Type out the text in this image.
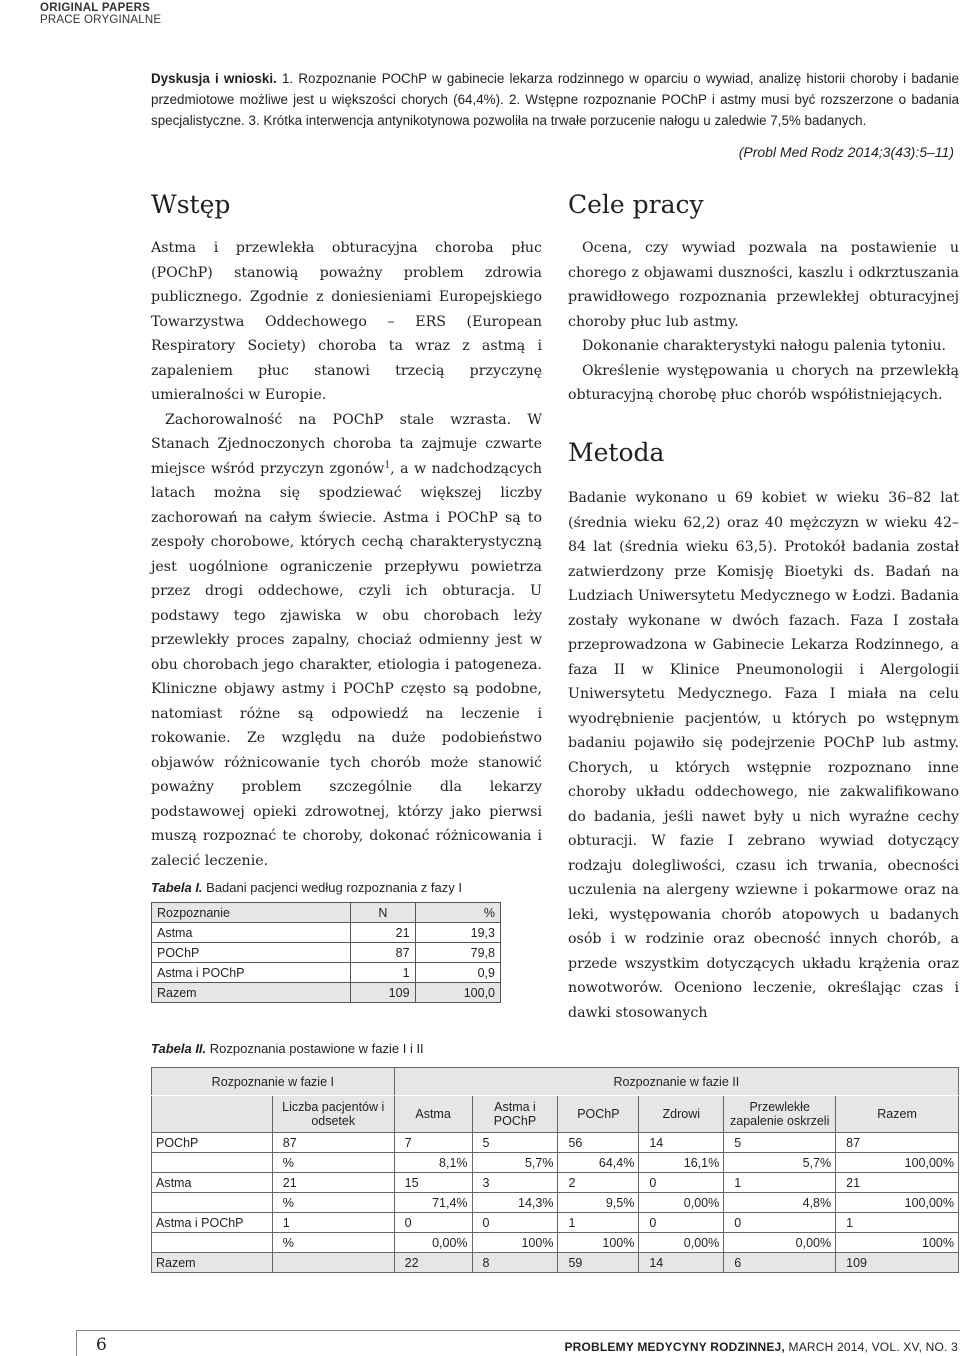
ORIGINAL PAPERS
PRACE ORYGINALNE
Dyskusja i wnioski. 1. Rozpoznanie POChP w gabinecie lekarza rodzinnego w oparciu o wywiad, analizę historii choroby i badanie przedmiotowe możliwe jest u większości chorych (64,4%). 2. Wstępne rozpoznanie POChP i astmy musi być rozszerzone o badania specjalistyczne. 3. Krótka interwencja antynikotynowa pozwoliła na trwałe porzucenie nałogu u zaledwie 7,5% badanych.
(Probl Med Rodz 2014;3(43):5–11)
Wstęp

Astma i przewlekła obturacyjna choroba płuc (POChP) stanowią poważny problem zdrowia publicznego. Zgodnie z doniesieniami Europejskiego Towarzystwa Oddechowego – ERS (European Respiratory Society) choroba ta wraz z astmą i zapaleniem płuc stanowi trzecią przyczynę umieralności w Europie.

Zachorowalność na POChP stale wzrasta. W Stanach Zjednoczonych choroba ta zajmuje czwarte miejsce wśród przyczyn zgonów$^1$, a w nadchodzących latach można się spodziewać większej liczby zachorowań na całym świecie. Astma i POChP są to zespoły chorobowe, których cechą charakterystyczną jest uogólnione ograniczenie przepływu powietrza przez drogi oddechowe, czyli ich obturacja. U podstawy tego zjawiska w obu chorobach leży przewlekły proces zapalny, chociaż odmienny jest w obu chorobach jego charakter, etiologia i patogeneza. Kliniczne objawy astmy i POChP często są podobne, natomiast różne są odpowiedź na leczenie i rokowanie. Ze względu na duże podobieństwo objawów różnicowanie tych chorób może stanowić poważny problem szczególnie dla lekarzy podstawowej opieki zdrowotnej, którzy jako pierwsi muszą rozpoznać te choroby, dokonać różnicowania i zalecić leczenie.

Tabela I. Badani pacjenci według rozpoznania z fazy I
Rozpoznanie	N	%
Astma	21	19,3
POChP	87	79,8
Astma i POChP	1	0,9
Razem	109	100,0
Cele pracy

Ocena, czy wywiad pozwala na postawienie u chorego z objawami duszności, kaszlu i odkrztuszania prawidłowego rozpoznania przewlekłej obturacyjnej choroby płuc lub astmy.

Dokonanie charakterystyki nałogu palenia tytoniu.

Określenie występowania u chorych na przewlekłą obturacyjną chorobę płuc chorób współistniejących.

Metoda

Badanie wykonano u 69 kobiet w wieku 36–82 lat (średnia wieku 62,2) oraz 40 mężczyzn w wieku 42–84 lat (średnia wieku 63,5). Protokół badania został zatwierdzony prze Komisję Bioetyki ds. Badań na Ludziach Uniwersytetu Medycznego w Łodzi. Badania zostały wykonane w dwóch fazach. Faza I została przeprowadzona w Gabinecie Lekarza Rodzinnego, a faza II w Klinice Pneumonologii i Alergologii Uniwersytetu Medycznego. Faza I miała na celu wyodrębnienie pacjentów, u których po wstępnym badaniu pojawiło się podejrzenie POChP lub astmy. Chorych, u których wstępnie rozpoznano inne choroby układu oddechowego, nie zakwalifikowano do badania, jeśli nawet były u nich wyraźne cechy obturacji. W fazie I zebrano wywiad dotyczący rodzaju dolegliwości, czasu ich trwania, obecności uczulenia na alergeny wziewne i pokarmowe oraz na leki, występowania chorób atopowych u badanych osób i w rodzinie oraz obecność innych chorób, a przede wszystkim dotyczących układu krążenia oraz nowotworów. Oceniono leczenie, określając czas i dawki stosowanych

Tabela II. Rozpoznania postawione w fazie I i II
Rozpoznanie w fazie I		Rozpoznanie w fazie II					
	Liczba pacjentów i odsetek	Astma	Astma i POChP	POChP	Zdrowi	Przewlekłe zapalenie oskrzeli	Razem
POChP	87	7	5	56	14	5	87
	%	8,1%	5,7%	64,4%	16,1%	5,7%	100,00%
Astma	21	15	3	2	0	1	21
	%	71,4%	14,3%	9,5%	0,00%	4,8%	100,00%
Astma i POChP	1	0	0	1	0	0	1
	%	0,00%	100%	100%	0,00%	0,00%	100%
Razem		22	8	59	14	6	109
6	PROBLEMY MEDYCYNY RODZINNEJ, MARCH 2014, VOL. XV, NO. 3
